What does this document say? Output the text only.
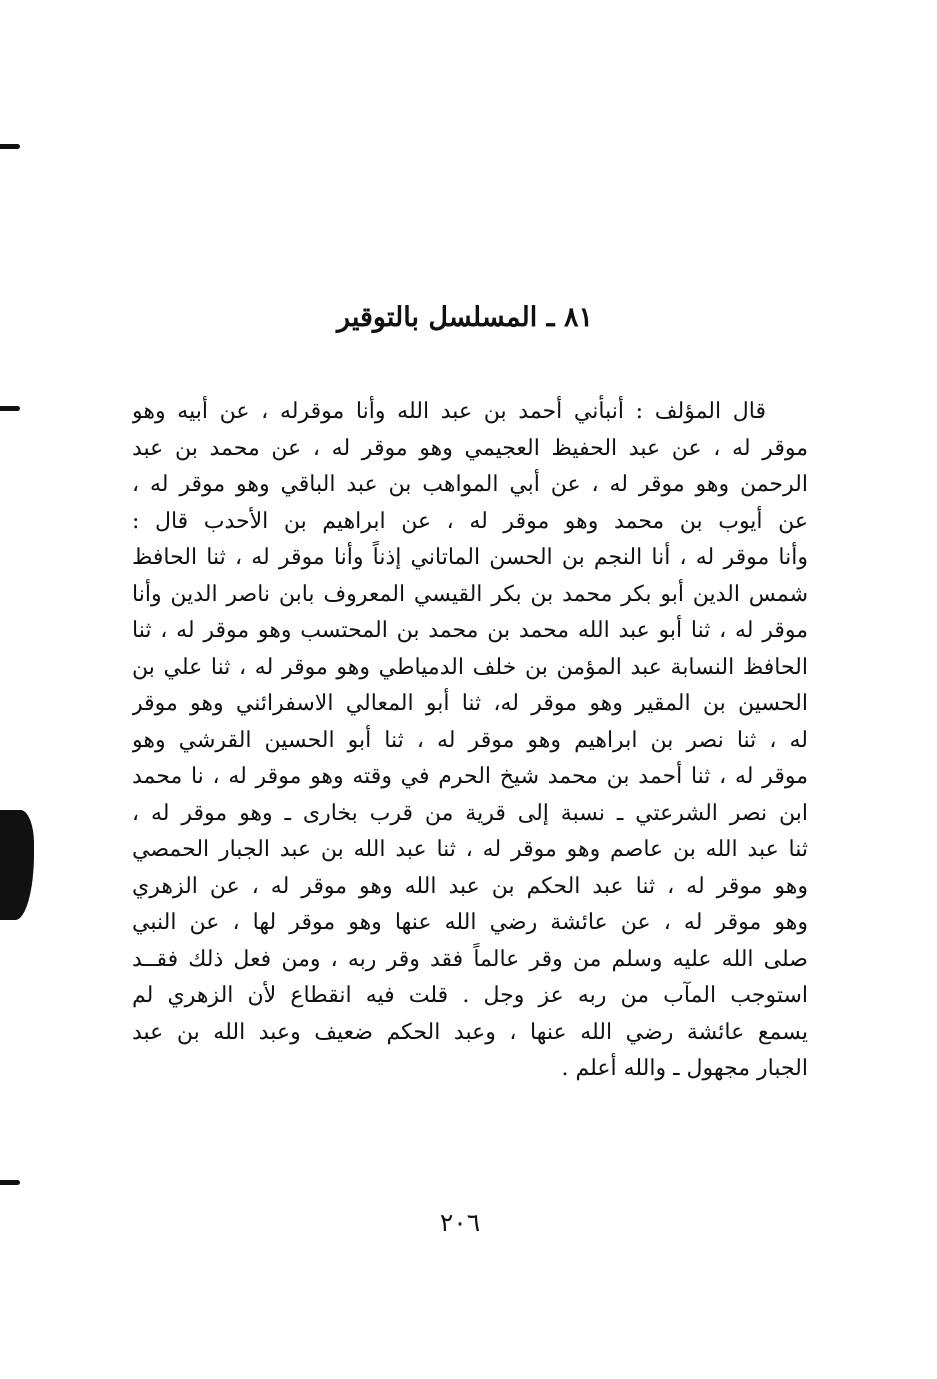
٨١ ـ المسلسل بالتوقير
قال المؤلف : أنبأني أحمد بن عبد الله وأنا موقرله ، عن أبيه وهو
موقر له ، عن عبد الحفيظ العجيمي وهو موقر له ، عن محمد بن عبد
الرحمن وهو موقر له ، عن أبي المواهب بن عبد الباقي وهو موقر له ،
عن أيوب بن محمد وهو موقر له ، عن ابراهيم بن الأحدب قال :
وأنا موقر له ، أنا النجم بن الحسن الماتاني إذناً وأنا موقر له ، ثنا الحافظ
شمس الدين أبو بكر محمد بن بكر القيسي المعروف بابن ناصر الدين وأنا
موقر له ، ثنا أبو عبد الله محمد بن محمد بن المحتسب وهو موقر له ، ثنا
الحافظ النسابة عبد المؤمن بن خلف الدمياطي وهو موقر له ، ثنا علي بن
الحسين بن المقير وهو موقر له، ثنا أبو المعالي الاسفرائني وهو موقر
له ، ثنا نصر بن ابراهيم وهو موقر له ، ثنا أبو الحسين القرشي وهو
موقر له ، ثنا أحمد بن محمد شيخ الحرم في وقته وهو موقر له ، نا محمد
ابن نصر الشرعتي ـ نسبة إلى قرية من قرب بخارى ـ وهو موقر له ،
ثنا عبد الله بن عاصم وهو موقر له ، ثنا عبد الله بن عبد الجبار الحمصي
وهو موقر له ، ثنا عبد الحكم بن عبد الله وهو موقر له ، عن الزهري
وهو موقر له ، عن عائشة رضي الله عنها وهو موقر لها ، عن النبي
صلى الله عليه وسلم من وقر عالماً فقد وقر ربه ، ومن فعل ذلك فقــد
استوجب المآب من ربه عز وجل . قلت فيه انقطاع لأن الزهري لم
يسمع عائشة رضي الله عنها ، وعبد الحكم ضعيف وعبد الله بن عبد
الجبار مجهول ـ والله أعلم .
٢٠٦
